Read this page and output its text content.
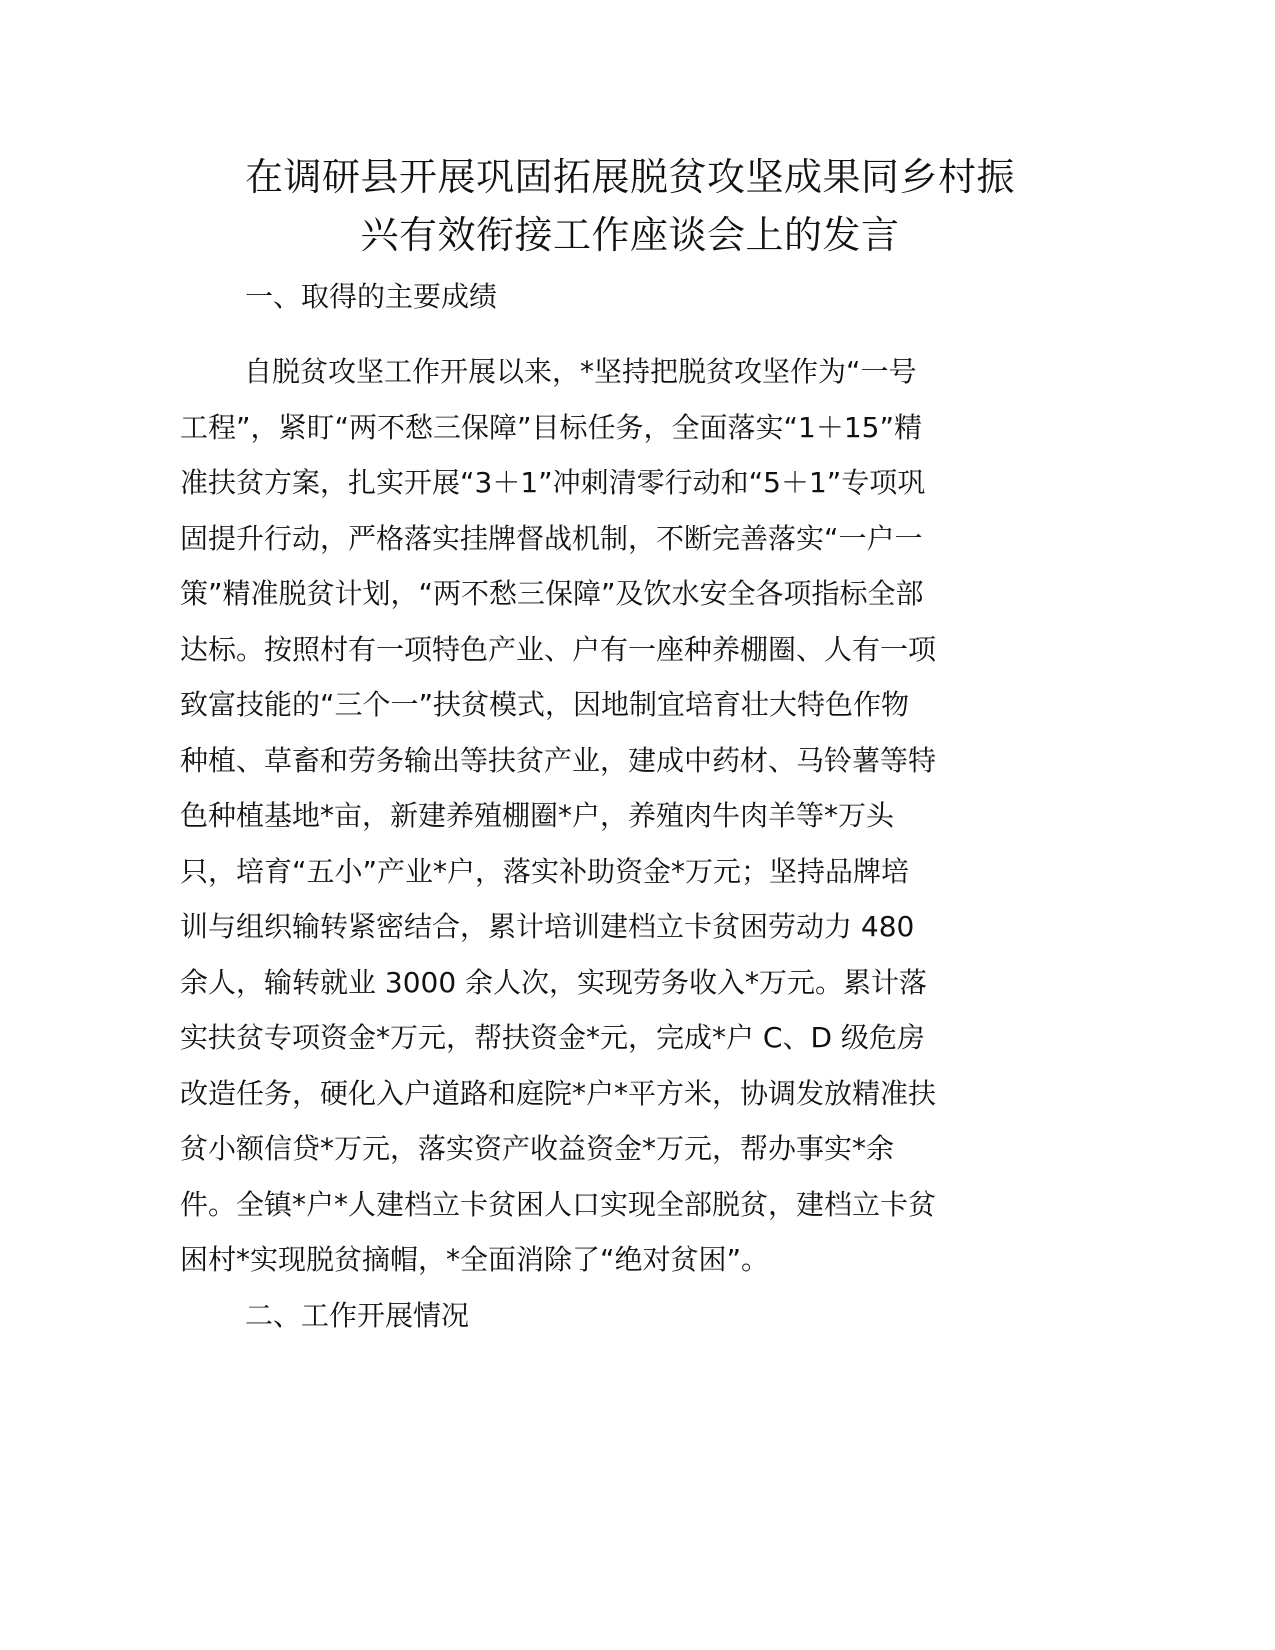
在调研县开展巩固拓展脱贫攻坚成果同乡村振
兴有效衔接工作座谈会上的发言
一、取得的主要成绩
自脱贫攻坚工作开展以来，*坚持把脱贫攻坚作为“一号
工程”，紧盯“两不愁三保障”目标任务，全面落实“1＋15”精
准扶贫方案，扎实开展“3＋1”冲刺清零行动和“5＋1”专项巩
固提升行动，严格落实挂牌督战机制，不断完善落实“一户一
策”精准脱贫计划，“两不愁三保障”及饮水安全各项指标全部
达标。按照村有一项特色产业、户有一座种养棚圈、人有一项
致富技能的“三个一”扶贫模式，因地制宜培育壮大特色作物
种植、草畜和劳务输出等扶贫产业，建成中药材、马铃薯等特
色种植基地*亩，新建养殖棚圈*户，养殖肉牛肉羊等*万头
只，培育“五小”产业*户，落实补助资金*万元；坚持品牌培
训与组织输转紧密结合，累计培训建档立卡贫困劳动力 480
余人，输转就业 3000 余人次，实现劳务收入*万元。累计落
实扶贫专项资金*万元，帮扶资金*元，完成*户 C、D 级危房
改造任务，硬化入户道路和庭院*户*平方米，协调发放精准扶
贫小额信贷*万元，落实资产收益资金*万元，帮办事实*余
件。全镇*户*人建档立卡贫困人口实现全部脱贫，建档立卡贫
困村*实现脱贫摘帽，*全面消除了“绝对贫困”。
二、工作开展情况
